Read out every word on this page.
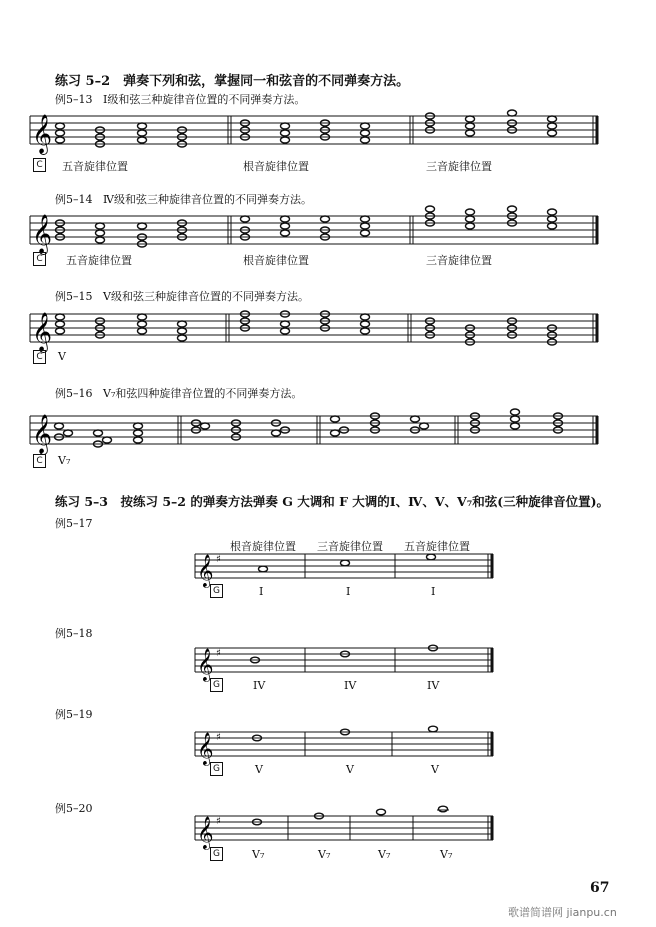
练习 5–2　弹奏下列和弦，掌握同一和弦音的不同弹奏方法。
例5–13 Ⅰ级和弦三种旋律音位置的不同弹奏方法。
𝄞
C	五音旋律位置	根音旋律位置	三音旋律位置
例5–14 Ⅳ级和弦三种旋律音位置的不同弹奏方法。
𝄞
C	五音旋律位置	根音旋律位置	三音旋律位置
例5–15 Ⅴ级和弦三种旋律音位置的不同弹奏方法。
𝄞
C	V
例5–16 V₇和弦四种旋律音位置的不同弹奏方法。
𝄞
C	V₇
练习 5–3　按练习 5–2 的弹奏方法弹奏 G 大调和 F 大调的Ⅰ、Ⅳ、Ⅴ、V₇和弦(三种旋律音位置)。
例5–17
根音旋律位置 三音旋律位置 五音旋律位置
𝄞 ♯
G	I	I	I
例5–18
𝄞 ♯
G	IV	IV	IV
例5–19
𝄞 ♯
G	V	V	V
例5–20
𝄞 ♯
G	V₇	V₇	V₇	V₇
67
歌谱简谱网 jianpu.cn
